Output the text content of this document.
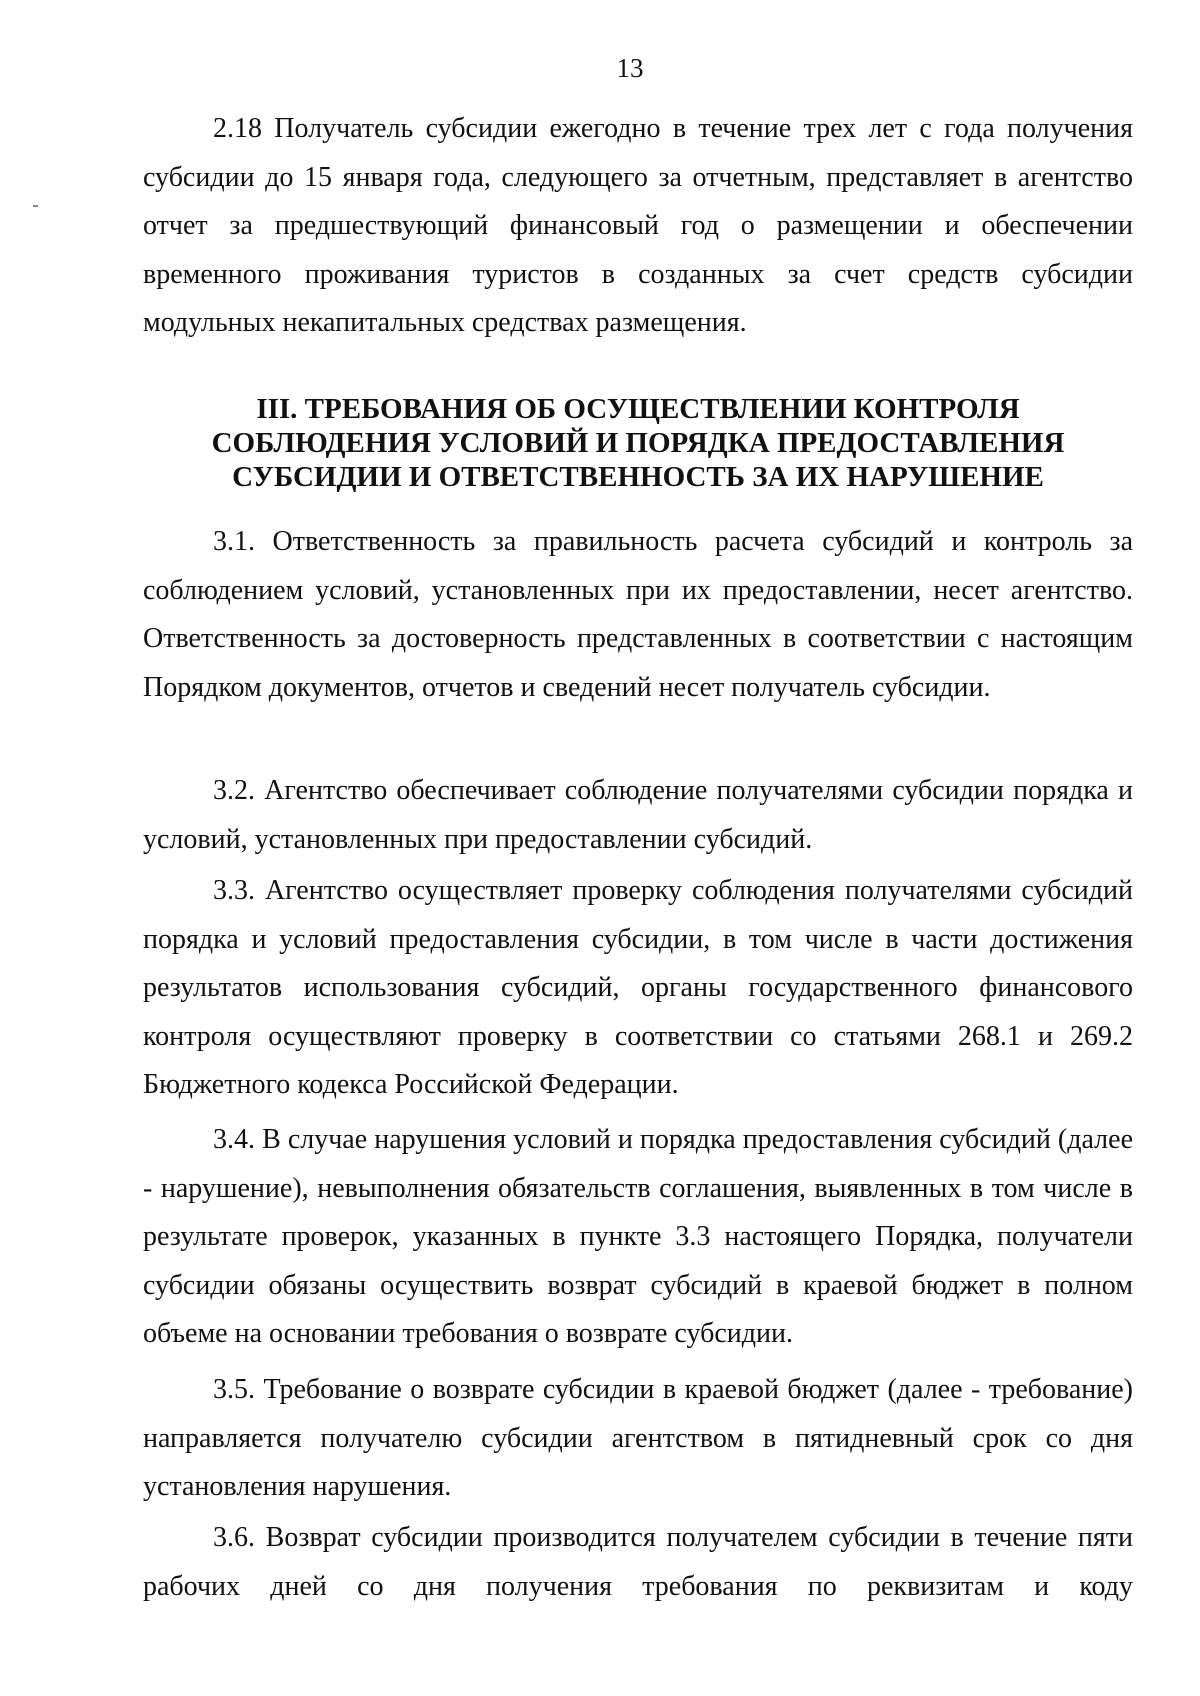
13

2.18 Получатель субсидии ежегодно в течение трех лет с года получения субсидии до 15 января года, следующего за отчетным, представляет в агентство отчет за предшествующий финансовый год о размещении и обеспечении временного проживания туристов в созданных за счет средств субсидии модульных некапитальных средствах размещения.

III. ТРЕБОВАНИЯ ОБ ОСУЩЕСТВЛЕНИИ КОНТРОЛЯ
СОБЛЮДЕНИЯ УСЛОВИЙ И ПОРЯДКА ПРЕДОСТАВЛЕНИЯ
СУБСИДИИ И ОТВЕТСТВЕННОСТЬ ЗА ИХ НАРУШЕНИЕ

3.1. Ответственность за правильность расчета субсидий и контроль за соблюдением условий, установленных при их предоставлении, несет агентство. Ответственность за достоверность представленных в соответствии с настоящим Порядком документов, отчетов и сведений несет получатель субсидии.

3.2. Агентство обеспечивает соблюдение получателями субсидии порядка и условий, установленных при предоставлении субсидий.

3.3. Агентство осуществляет проверку соблюдения получателями субсидий порядка и условий предоставления субсидии, в том числе в части достижения результатов использования субсидий, органы государственного финансового контроля осуществляют проверку в соответствии со статьями 268.1 и 269.2 Бюджетного кодекса Российской Федерации.

3.4. В случае нарушения условий и порядка предоставления субсидий (далее - нарушение), невыполнения обязательств соглашения, выявленных в том числе в результате проверок, указанных в пункте 3.3 настоящего Порядка, получатели субсидии обязаны осуществить возврат субсидий в краевой бюджет в полном объеме на основании требования о возврате субсидии.

3.5. Требование о возврате субсидии в краевой бюджет (далее - требование) направляется получателю субсидии агентством в пятидневный срок со дня установления нарушения.

3.6. Возврат субсидии производится получателем субсидии в течение пяти рабочих дней со дня получения требования по реквизитам и коду
